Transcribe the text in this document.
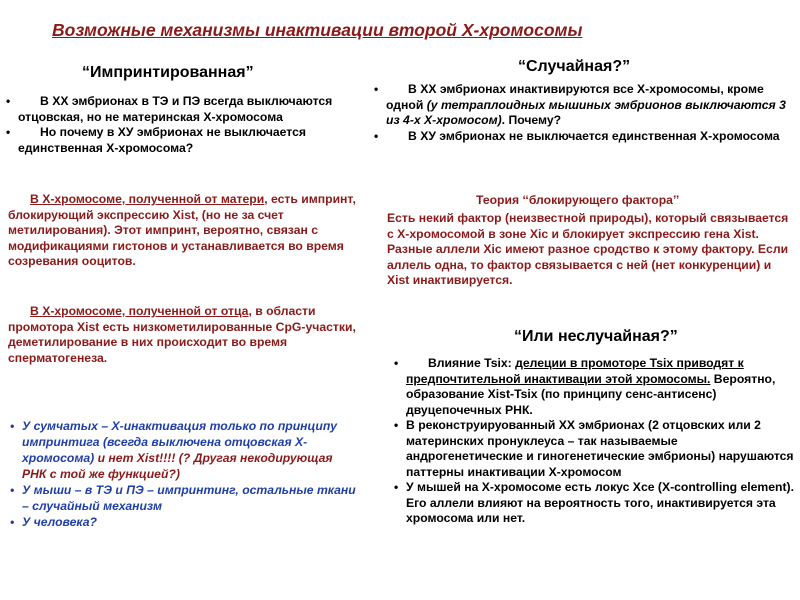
Возможные механизмы инактивации второй Х-хромосомы
“Импринтированная”
• В ХХ эмбрионах в ТЭ и ПЭ всегда выключаются отцовская, но не материнская Х-хромосома
• Но почему в ХУ эмбрионах не выключается единственная Х-хромосома?

В Х-хромосоме, полученной от матери, есть импринт, блокирующий экспрессию Xist, (но не за счет метилирования). Этот импринт, вероятно, связан с модификациями гистонов и устанавливается во время созревания ооцитов.

В Х-хромосоме, полученной от отца, в области промотора Xist есть низкометилированные CpG-участки, деметилирование в них происходит во время сперматогенеза.

• У сумчатых – Х-инактивация только по принципу импринтига (всегда выключена отцовская Х-хромосома) и нет Xist!!!! (? Другая некодирующая РНК с той же функцией?)
• У мыши – в ТЭ и ПЭ – импринтинг, остальные ткани – случайный механизм
• У человека?
“Случайная?”
• В ХХ эмбрионах инактивируются все Х-хромосомы, кроме одной (у тетраплоидных мышиных эмбрионов выключаются 3 из 4-х Х-хромосом). Почему?
• В ХУ эмбрионах не выключается единственная Х-хромосома
Теория ‘‘блокирующего фактора’’
Есть некий фактор (неизвестной природы), который связывается с Х-хромосомой в зоне Xic и блокирует экспрессию гена Xist. Разные аллели Xic имеют разное сродство к этому фактору. Если аллель одна, то фактор связывается с ней (нет конкуренции) и Xist инактивируется.
“Или неслучайная?”
• Влияние Tsix: делеции в промоторе Tsix приводят к предпочтительной инактивации этой хромосомы. Вероятно, образование Xist-Tsix (по принципу сенс-антисенс) двуцепочечных РНК.
• В реконструируованный ХХ эмбрионах (2 отцовских или 2 материнских пронуклеуса – так называемые андрогенетические и гиногенетические эмбрионы) нарушаются паттерны инактивации Х-хромосом
• У мышей на Х-хромосоме есть локус Xce (X-controlling element). Его аллели влияют на вероятность того, инактивируется эта хромосома или нет.
